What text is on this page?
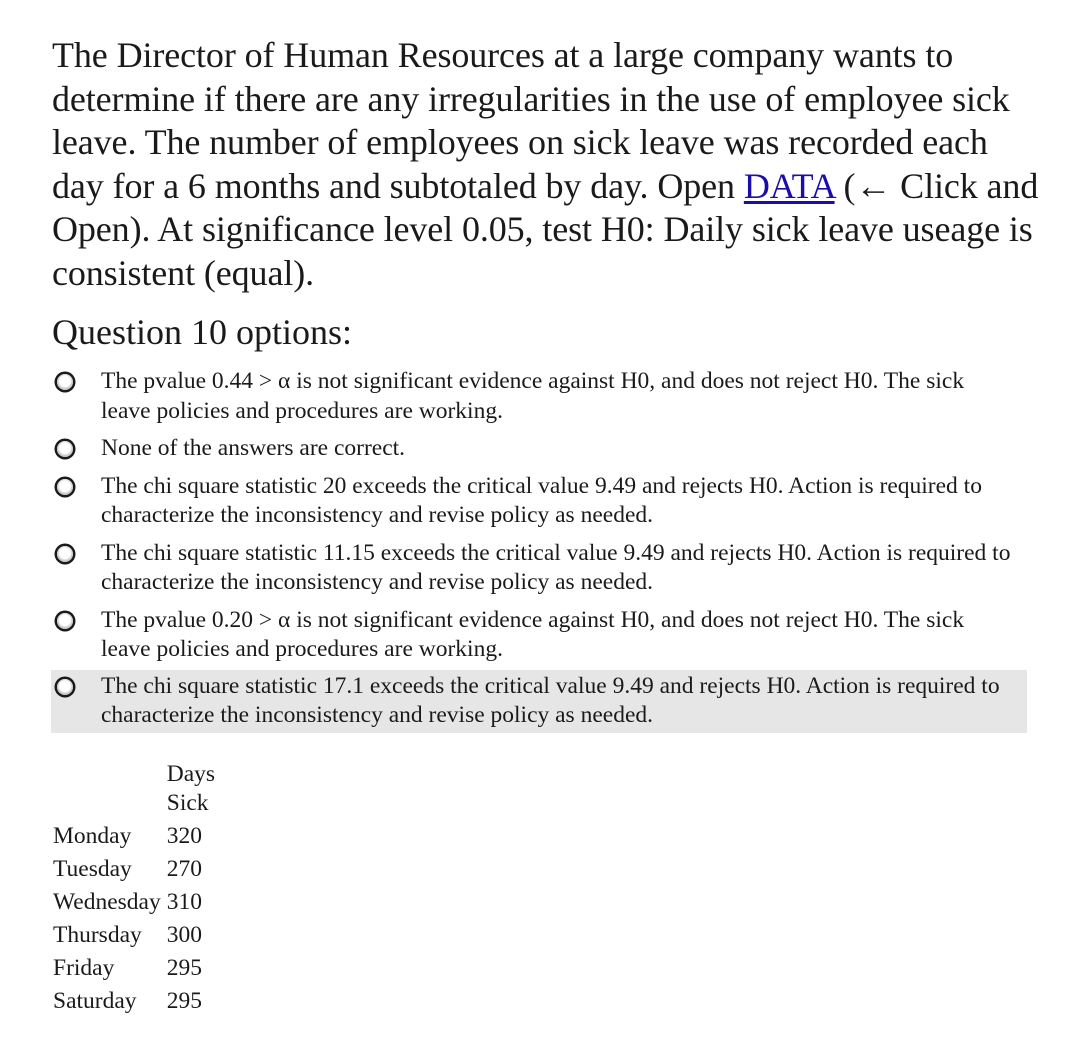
The Director of Human Resources at a large company wants to determine if there are any irregularities in the use of employee sick leave. The number of employees on sick leave was recorded each day for a 6 months and subtotaled by day. Open DATA (← Click and Open). At significance level 0.05, test H0: Daily sick leave useage is consistent (equal).
Question 10 options:
The pvalue 0.44 > α is not significant evidence against H0, and does not reject H0. The sick leave policies and procedures are working.
None of the answers are correct.
The chi square statistic 20 exceeds the critical value 9.49 and rejects H0. Action is required to characterize the inconsistency and revise policy as needed.
The chi square statistic 11.15 exceeds the critical value 9.49 and rejects H0. Action is required to characterize the inconsistency and revise policy as needed.
The pvalue 0.20 > α is not significant evidence against H0, and does not reject H0. The sick leave policies and procedures are working.
The chi square statistic 17.1 exceeds the critical value 9.49 and rejects H0. Action is required to characterize the inconsistency and revise policy as needed.
	Days
Sick
Monday	320
Tuesday	270
Wednesday	310
Thursday	300
Friday	295
Saturday	295
